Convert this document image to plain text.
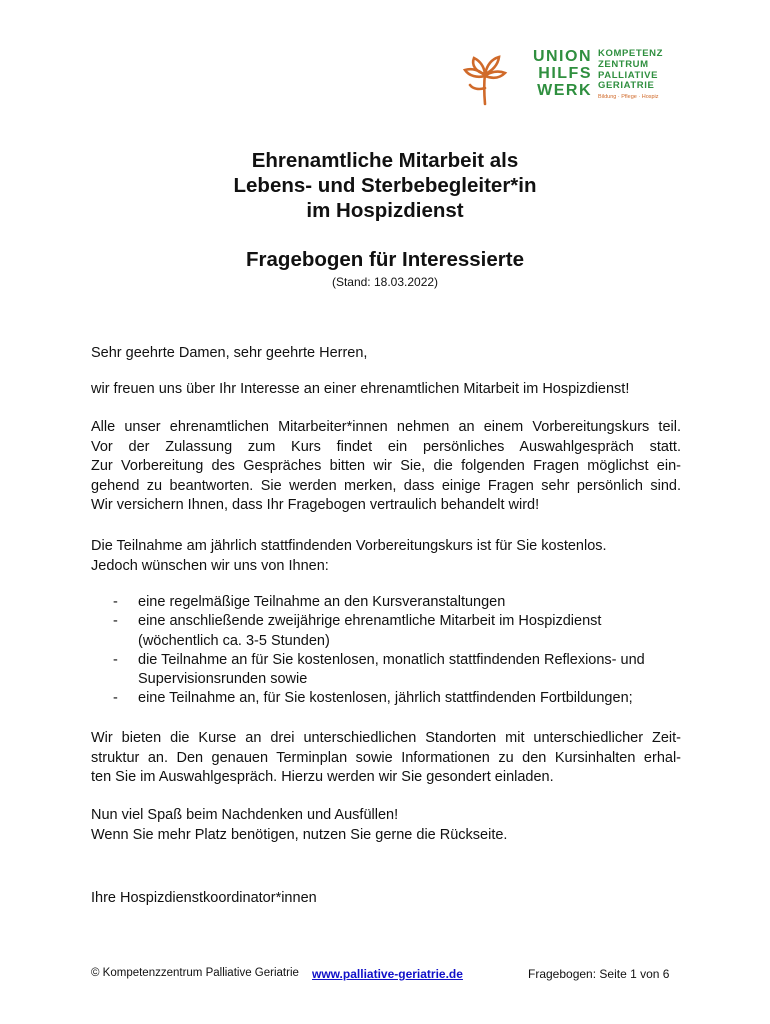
UNION
HILFS
WERK
KOMPETENZ
ZENTRUM
PALLIATIVE
GERIATRIE
Bildung · Pflege · Hospiz
Ehrenamtliche Mitarbeit als
Lebens- und Sterbebegleiter*in
im Hospizdienst
Fragebogen für Interessierte
(Stand: 18.03.2022)
Sehr geehrte Damen, sehr geehrte Herren,
wir freuen uns über Ihr Interesse an einer ehrenamtlichen Mitarbeit im Hospizdienst!
Alle unser ehrenamtlichen Mitarbeiter*innen nehmen an einem Vorbereitungskurs teil.
Vor der Zulassung zum Kurs findet ein persönliches Auswahlgespräch statt.
Zur Vorbereitung des Gespräches bitten wir Sie, die folgenden Fragen möglichst ein-
gehend zu beantworten. Sie werden merken, dass einige Fragen sehr persönlich sind.
Wir versichern Ihnen, dass Ihr Fragebogen vertraulich behandelt wird!
Die Teilnahme am jährlich stattfindenden Vorbereitungskurs ist für Sie kostenlos.
Jedoch wünschen wir uns von Ihnen:
- eine regelmäßige Teilnahme an den Kursveranstaltungen
- eine anschließende zweijährige ehrenamtliche Mitarbeit im Hospizdienst (wöchentlich ca. 3-5 Stunden)
- die Teilnahme an für Sie kostenlosen, monatlich stattfindenden Reflexions- und Supervisionsrunden sowie
- eine Teilnahme an, für Sie kostenlosen, jährlich stattfindenden Fortbildungen;
Wir bieten die Kurse an drei unterschiedlichen Standorten mit unterschiedlicher Zeit-
struktur an. Den genauen Terminplan sowie Informationen zu den Kursinhalten erhal-
ten Sie im Auswahlgespräch. Hierzu werden wir Sie gesondert einladen.
Nun viel Spaß beim Nachdenken und Ausfüllen!
Wenn Sie mehr Platz benötigen, nutzen Sie gerne die Rückseite.
Ihre Hospizdienstkoordinator*innen
© Kompetenzzentrum Palliative Geriatrie www.palliative-geriatrie.de	Fragebogen: Seite 1 von 6
